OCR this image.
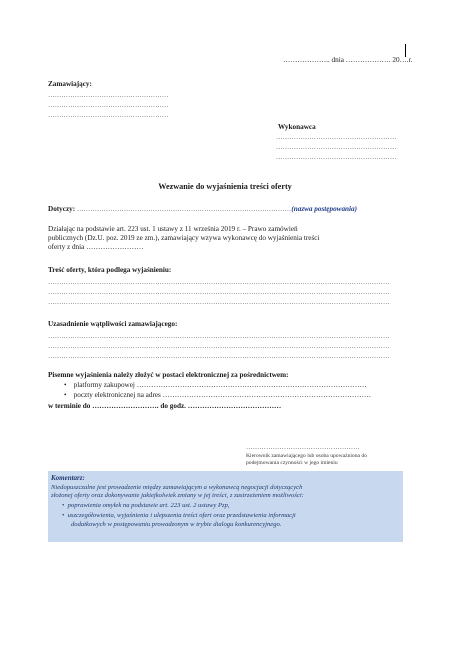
……………….. dnia ………………. 20….r.
Zamawiający:
………………………………………………
………………………………………………
………………………………………………
Wykonawca
………………………………………………
………………………………………………
………………………………………………
Wezwanie do wyjaśnienia treści oferty
Dotyczy: ……………………………………………………………………………………(nazwa postępowania)
Działając na podstawie art. 223 ust. 1 ustawy z 11 września 2019 r. – Prawo zamówień
publicznych (Dz.U. poz. 2019 ze zm.), zamawiający wzywa wykonawcę do wyjaśnienia treści
oferty z dnia ……………………
Treść oferty, która podlega wyjaśnieniu:
………………………………………………………………………………………………………………………………………
………………………………………………………………………………………………………………………………………
………………………………………………………………………………………………………………………………………
Uzasadnienie wątpliwości zamawiającego:
………………………………………………………………………………………………………………………………………
………………………………………………………………………………………………………………………………………
………………………………………………………………………………………………………………………………………
Pisemne wyjaśnienia należy złożyć w postaci elektronicznej za pośrednictwem:
• platformy zakupowej ……………………………………………………………………………………
• poczty elektronicznej na adres ……………………………………………………………………………
w terminie do ………………………. do godz. …………………………………
……………………………………………
Kierownik zamawiającego lub osoba upoważniona do
podejmowania czynności w jego imieniu
Komentarz:
Niedopuszczalne jest prowadzenie między zamawiającym a wykonawcą negocjacji dotyczących
złożonej oferty oraz dokonywanie jakiejkolwiek zmiany w jej treści, z zastrzeżeniem możliwości:
• poprawienia omyłek na podstawie art. 223 ust. 2 ustawy Pzp,
• uszczegółowienia, wyjaśnienia i ulepszenia treści ofert oraz przedstawienia informacji
dodatkowych w postępowaniu prowadzonym w trybie dialogu konkurencyjnego.
